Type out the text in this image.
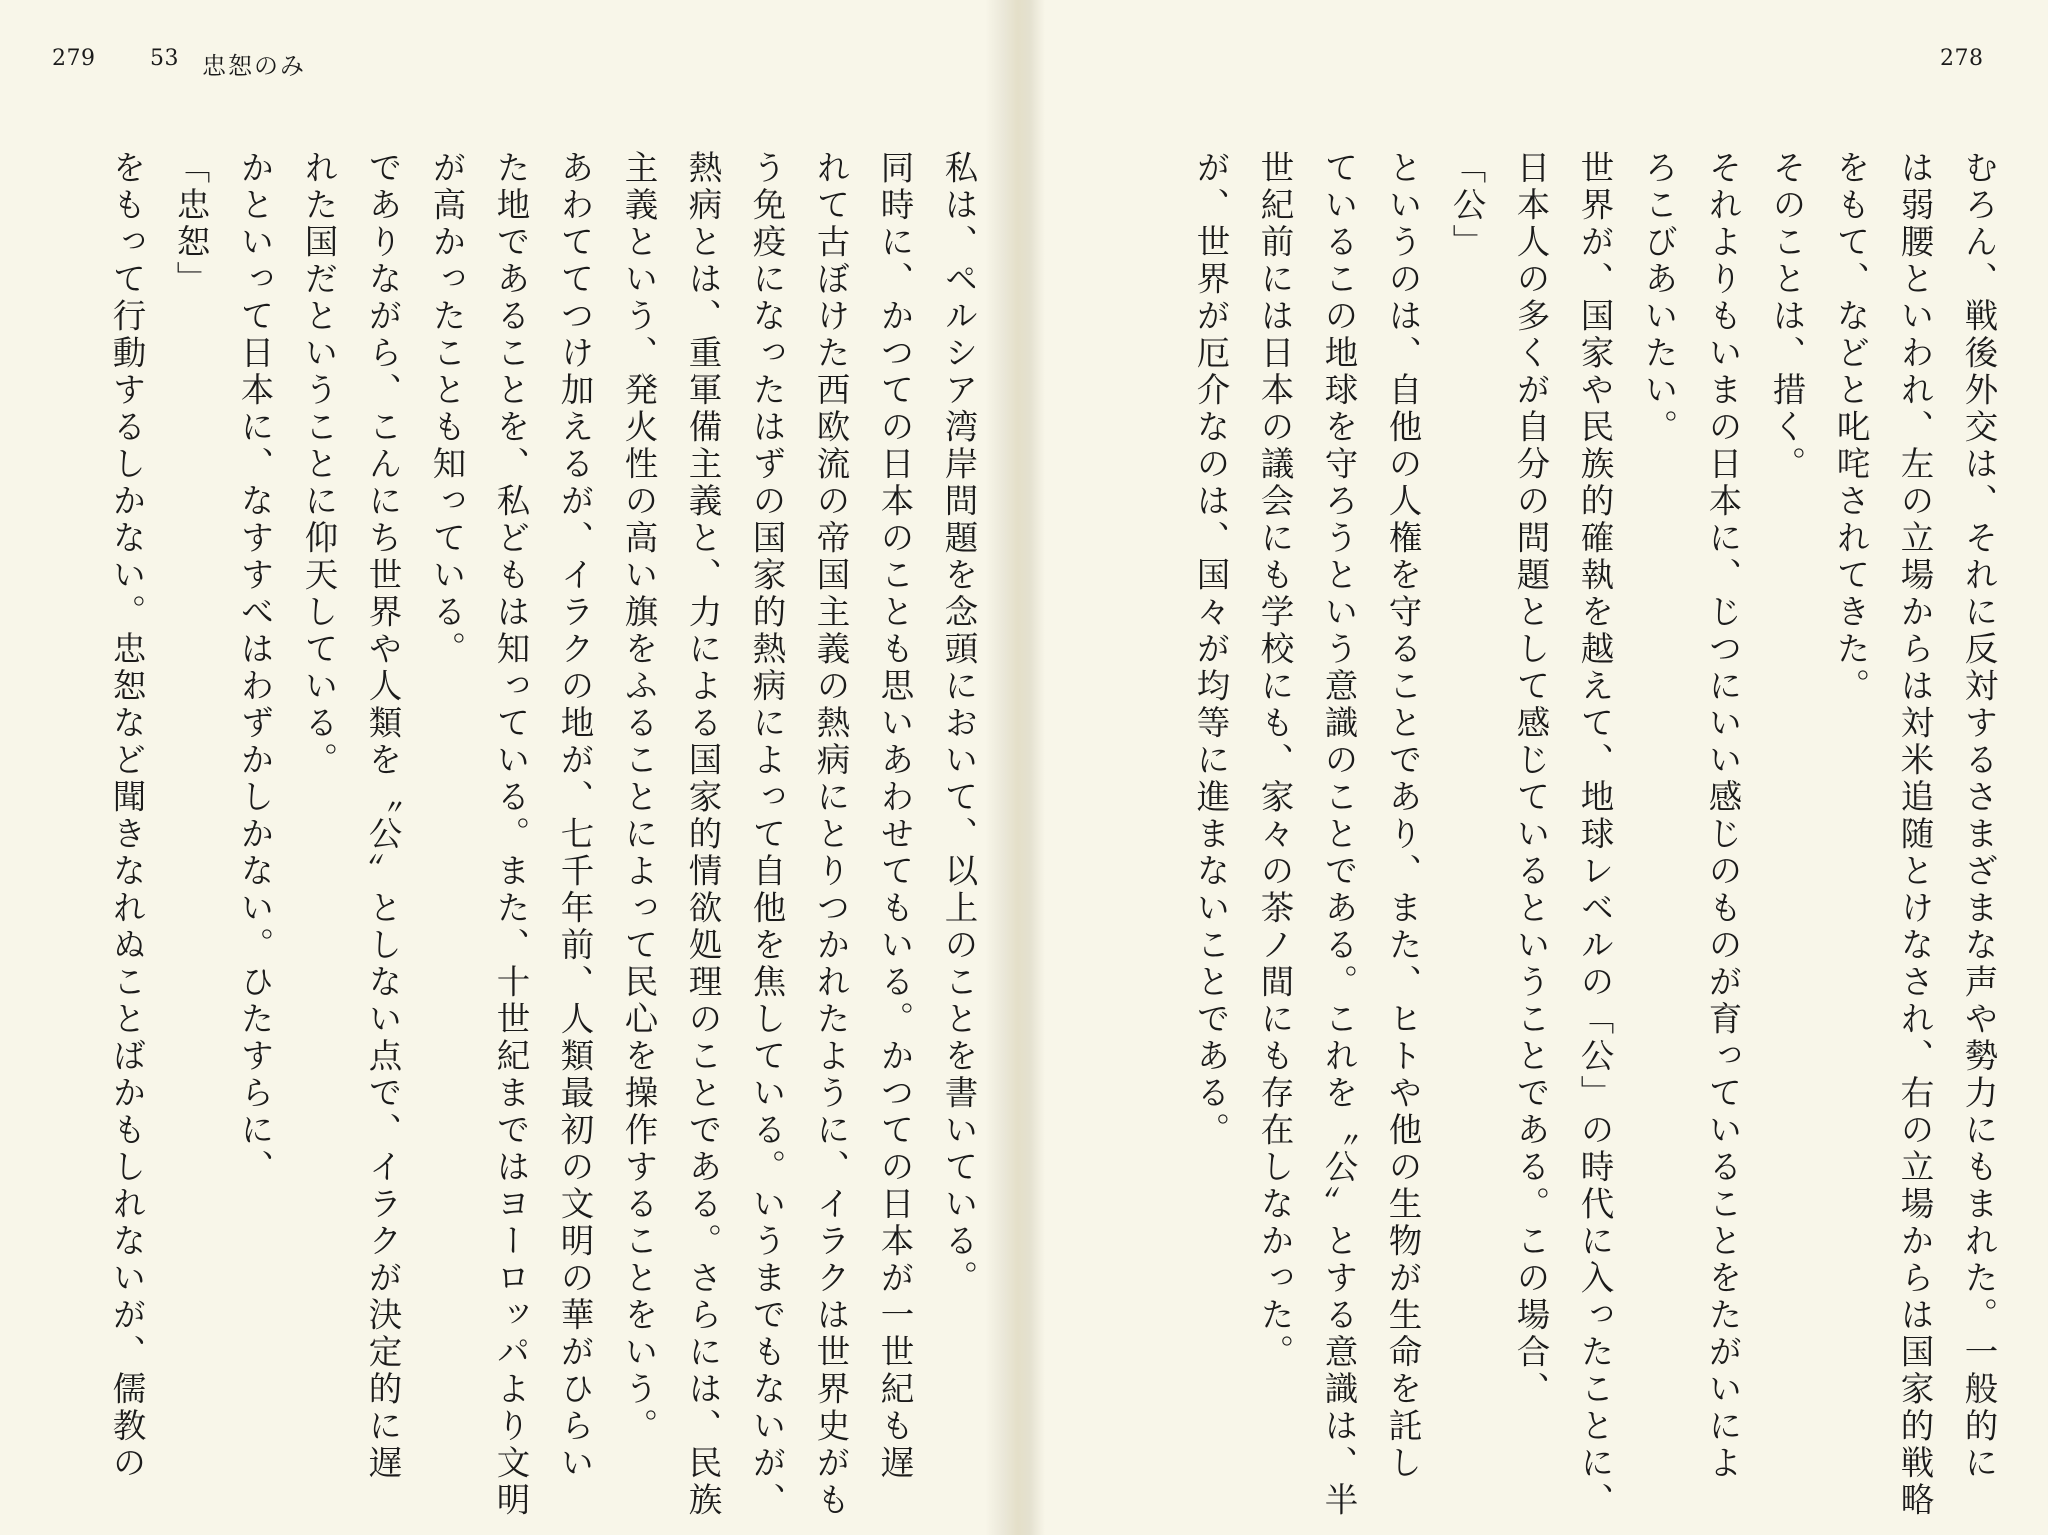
279 53 忠恕のみ	278

むろん、戦後外交は、それに反対するさまざまな声や勢力にもまれた。一般的に

は弱腰といわれ、左の立場からは対米追随とけなされ、右の立場からは国家的戦略

をもて、などと叱咤されてきた。

そのことは、措く。

それよりもいまの日本に、じつにいい感じのものが育っていることをたがいによ

ろこびあいたい。

世界が、国家や民族的確執を越えて、地球レベルの「公」の時代に入ったことに、

日本人の多くが自分の問題として感じているということである。この場合、

「公」

というのは、自他の人権を守ることであり、また、ヒトや他の生物が生命を託し

ているこの地球を守ろうという意識のことである。これを〝公〟とする意識は、半

世紀前には日本の議会にも学校にも、家々の茶ノ間にも存在しなかった。

が、世界が厄介なのは、国々が均等に進まないことである。

私は、ペルシア湾岸問題を念頭において、以上のことを書いている。

同時に、かつての日本のことも思いあわせてもいる。かつての日本が一世紀も遅

れて古ぼけた西欧流の帝国主義の熱病にとりつかれたように、イラクは世界史がも

う免疫になったはずの国家的熱病によって自他を焦している。いうまでもないが、

熱病とは、重軍備主義と、力による国家的情欲処理のことである。さらには、民族

主義という、発火性の高い旗をふることによって民心を操作することをいう。

あわててつけ加えるが、イラクの地が、七千年前、人類最初の文明の華がひらい

た地であることを、私どもは知っている。また、十世紀まではヨーロッパより文明

が高かったことも知っている。

でありながら、こんにち世界や人類を〝公〟としない点で、イラクが決定的に遅

れた国だということに仰天している。

かといって日本に、なすすべはわずかしかない。ひたすらに、

「忠恕」

をもって行動するしかない。忠恕など聞きなれぬことばかもしれないが、儒教の
